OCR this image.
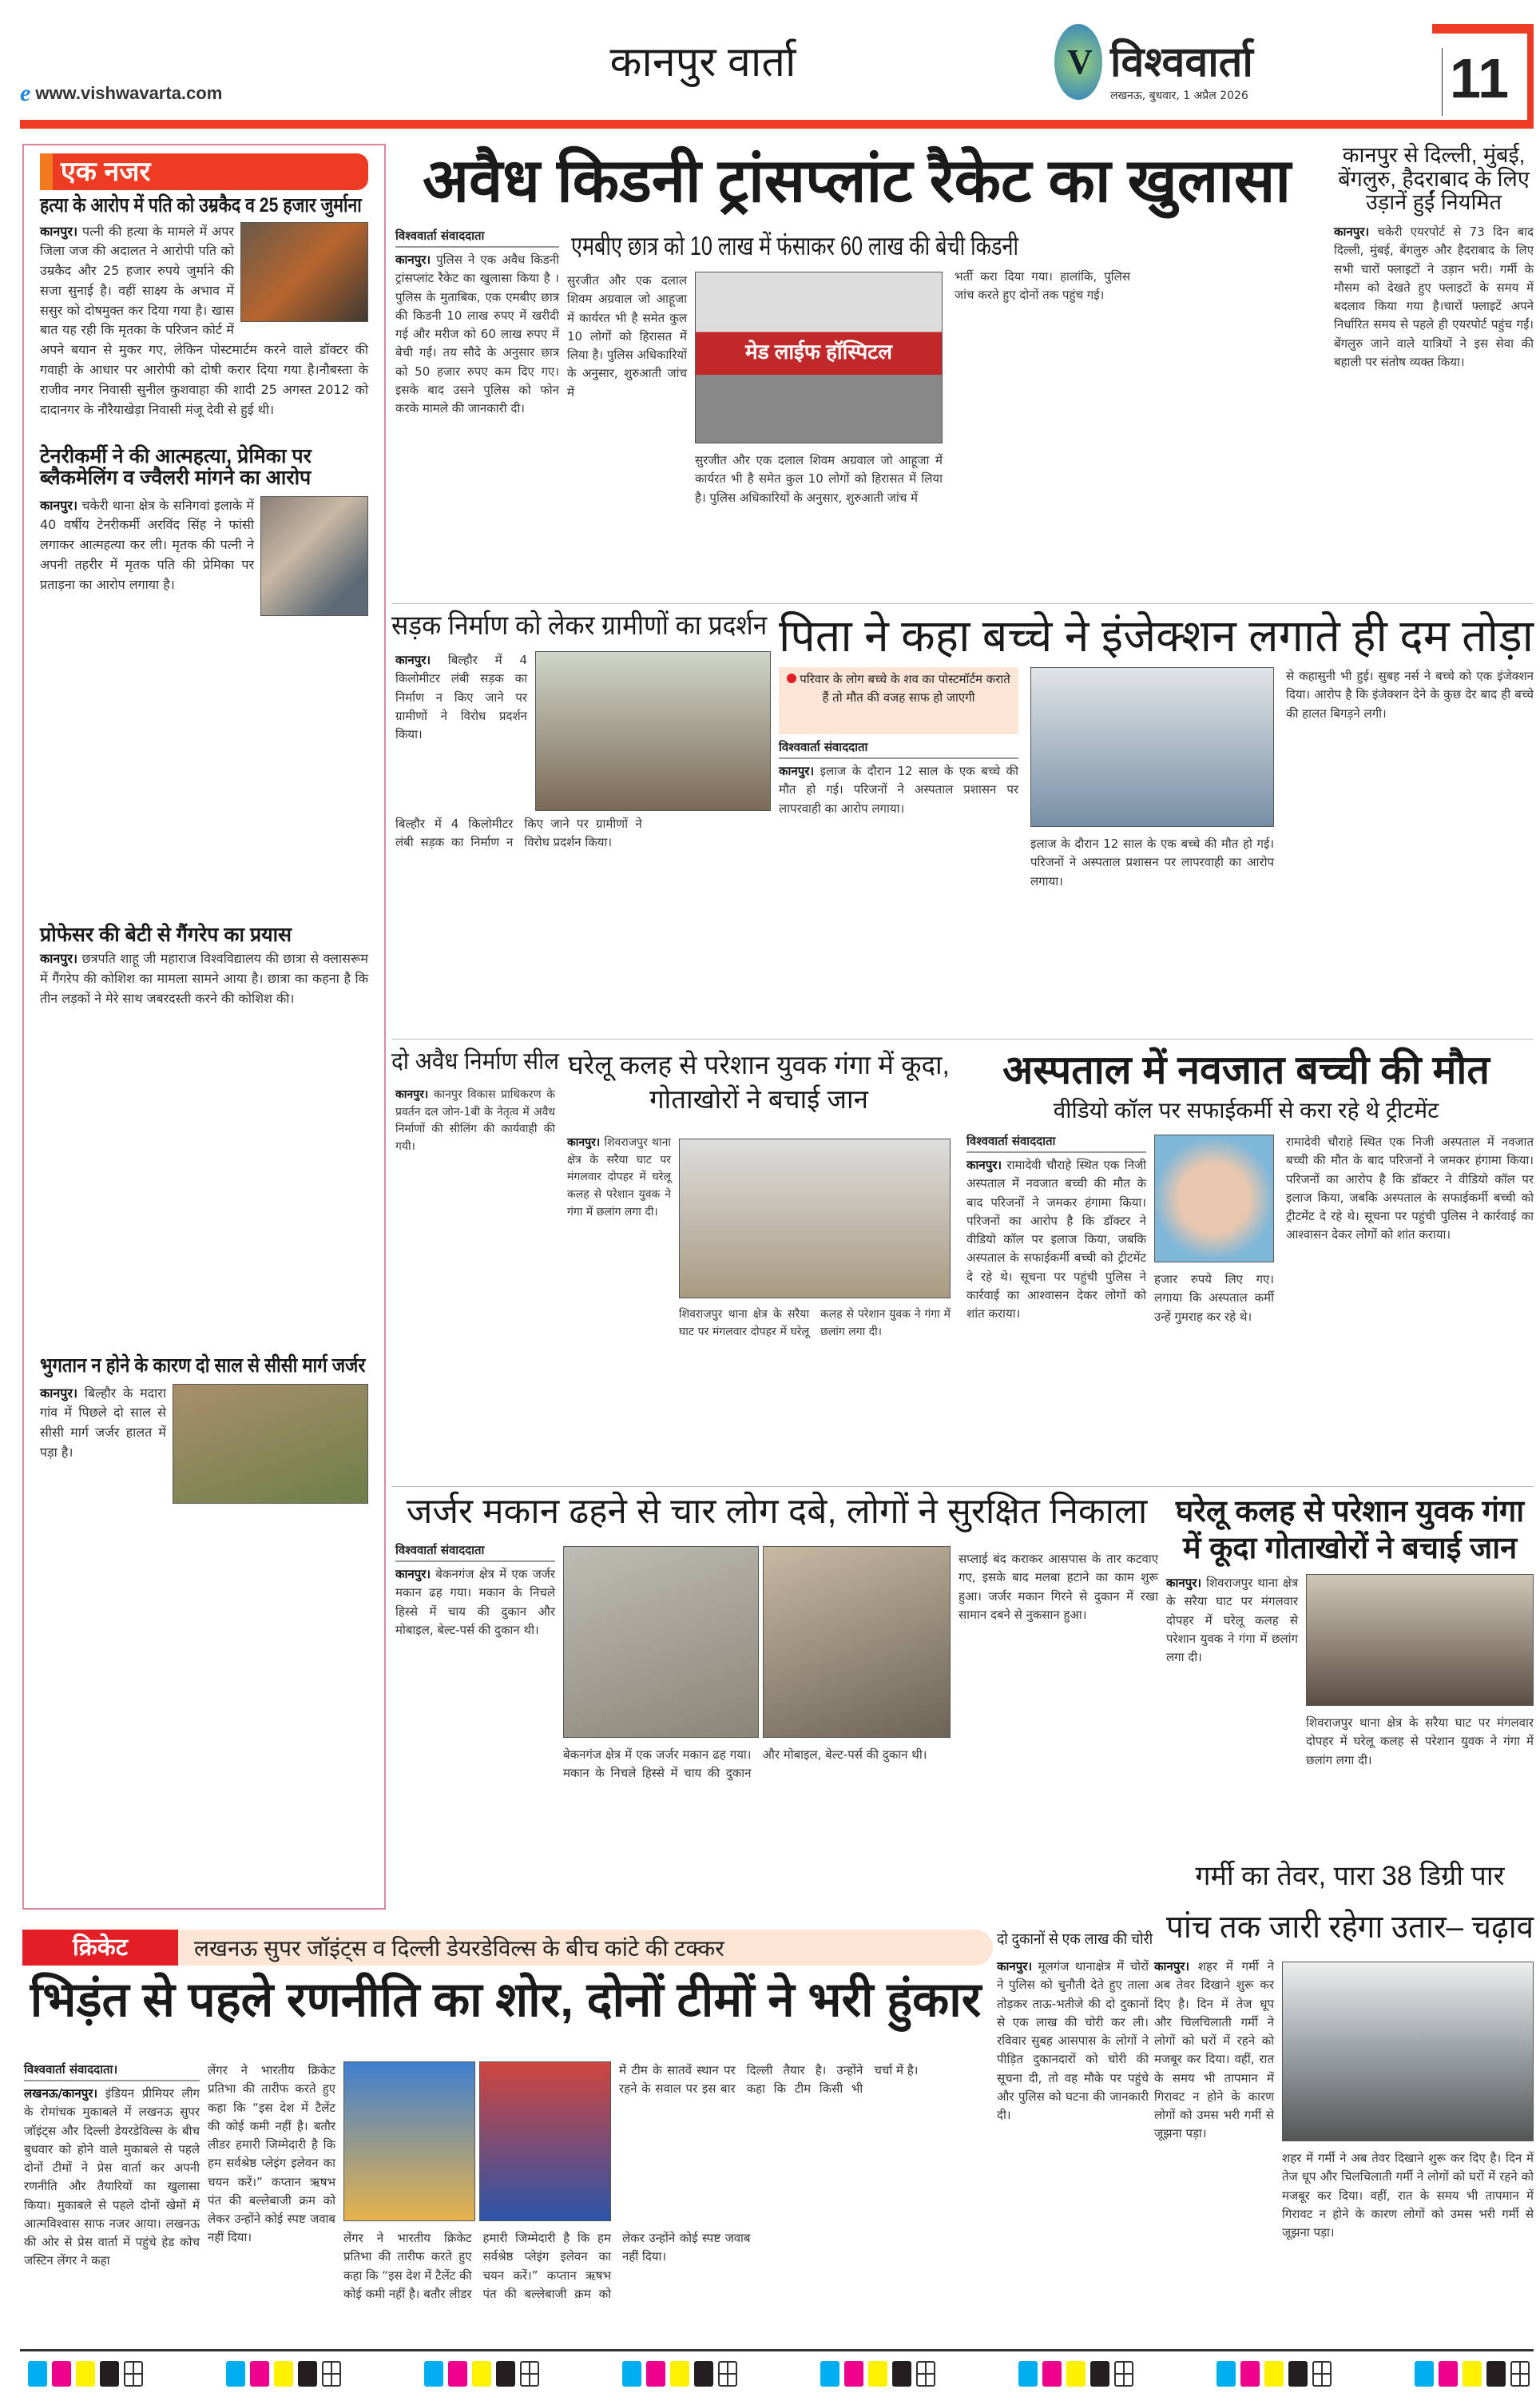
e www.vishwavarta.com
कानपुर वार्ता	V विश्ववार्ता
लखनऊ, बुधवार, 1 अप्रैल 2026	11
एक नजर
हत्या के आरोप में पति को उम्रकैद व 25 हजार जुर्माना
कानपुर। पत्नी की हत्या के मामले में अपर जिला जज की अदालत ने आरोपी पति को उम्रकैद और 25 हजार रुपये जुर्माने की सजा सुनाई है। वहीं साक्ष्य के अभाव में ससुर को दोषमुक्त कर दिया गया है। खास बात यह रही कि मृतका के परिजन कोर्ट में अपने बयान से मुकर गए, लेकिन पोस्टमार्टम करने वाले डॉक्टर की गवाही के आधार पर आरोपी को दोषी करार दिया गया है।नौबस्ता के राजीव नगर निवासी सुनील कुशवाहा की शादी 25 अगस्त 2012 को दादानगर के नौरैयाखेड़ा निवासी मंजू देवी से हुई थी।
टेनरीकर्मी ने की आत्महत्या, प्रेमिका पर ब्लैकमेलिंग व ज्वैलरी मांगने का आरोप
कानपुर। चकेरी थाना क्षेत्र के सनिगवां इलाके में 40 वर्षीय टेनरीकर्मी अरविंद सिंह ने फांसी लगाकर आत्महत्या कर ली। मृतक की पत्नी ने अपनी तहरीर में मृतक पति की प्रेमिका पर प्रताड़ना का आरोप लगाया है।
प्रोफेसर की बेटी से गैंगरेप का प्रयास
कानपुर। छत्रपति शाहू जी महाराज विश्वविद्यालय की छात्रा से क्लासरूम में गैंगरेप की कोशिश का मामला सामने आया है। छात्रा का कहना है कि तीन लड़कों ने मेरे साथ जबरदस्ती करने की कोशिश की।
भुगतान न होने के कारण दो साल से सीसी मार्ग जर्जर
कानपुर। बिल्हौर के मदारा गांव में पिछले दो साल से सीसी मार्ग जर्जर हालत में पड़ा है।
अवैध किडनी ट्रांसप्लांट रैकेट का खुलासा
विश्ववार्ता संवाददाता
कानपुर। पुलिस ने एक अवैध किडनी ट्रांसप्लांट रैकेट का खुलासा किया है । पुलिस के मुताबिक, एक एमबीए छात्र की किडनी 10 लाख रुपए में खरीदी गई और मरीज को 60 लाख रुपए में बेची गई। तय सौदे के अनुसार छात्र को 50 हजार रुपए कम दिए गए। इसके बाद उसने पुलिस को फोन करके मामले की जानकारी दी।
एमबीए छात्र को 10 लाख में फंसाकर 60 लाख की बेची किडनी
सुरजीत और एक दलाल शिवम अग्रवाल जो आहूजा में कार्यरत भी है समेत कुल 10 लोगों को हिरासत में लिया है। पुलिस अधिकारियों के अनुसार, शुरुआती जांच में
मेड लाईफ हॉस्पिटल
भर्ती करा दिया गया। हालांकि, पुलिस जांच करते हुए दोनों तक पहुंच गई।
सुरजीत और एक दलाल शिवम अग्रवाल जो आहूजा में कार्यरत भी है समेत कुल 10 लोगों को हिरासत में लिया है। पुलिस अधिकारियों के अनुसार, शुरुआती जांच में
कानपुर से दिल्ली, मुंबई, बेंगलुरु, हैदराबाद के लिए उड़ानें हुईं नियमित
कानपुर। चकेरी एयरपोर्ट से 73 दिन बाद दिल्ली, मुंबई, बेंगलुरु और हैदराबाद के लिए सभी चारों फ्लाइटों ने उड़ान भरी। गर्मी के मौसम को देखते हुए फ्लाइटों के समय में बदलाव किया गया है।चारों फ्लाइटें अपने निर्धारित समय से पहले ही एयरपोर्ट पहुंच गईं। बेंगलुरु जाने वाले यात्रियों ने इस सेवा की बहाली पर संतोष व्यक्त किया।
सड़क निर्माण को लेकर ग्रामीणों का प्रदर्शन
कानपुर। बिल्हौर में 4 किलोमीटर लंबी सड़क का निर्माण न किए जाने पर ग्रामीणों ने विरोध प्रदर्शन किया।
बिल्हौर में 4 किलोमीटर लंबी सड़क का निर्माण न किए जाने पर ग्रामीणों ने विरोध प्रदर्शन किया।
पिता ने कहा बच्चे ने इंजेक्शन लगाते ही दम तोड़ा
परिवार के लोग बच्चे के शव का पोस्टमॉर्टम कराते हैं तो मौत की वजह साफ हो जाएगी
विश्ववार्ता संवाददाता
कानपुर। इलाज के दौरान 12 साल के एक बच्चे की मौत हो गई। परिजनों ने अस्पताल प्रशासन पर लापरवाही का आरोप लगाया।
से कहासुनी भी हुई। सुबह नर्स ने बच्चे को एक इंजेक्शन दिया। आरोप है कि इंजेक्शन देने के कुछ देर बाद ही बच्चे की हालत बिगड़ने लगी।
इलाज के दौरान 12 साल के एक बच्चे की मौत हो गई। परिजनों ने अस्पताल प्रशासन पर लापरवाही का आरोप लगाया।
दो अवैध निर्माण सील
कानपुर। कानपुर विकास प्राधिकरण के प्रवर्तन दल जोन-1बी के नेतृत्व में अवैध निर्माणों की सीलिंग की कार्यवाही की गयी।
घरेलू कलह से परेशान युवक गंगा में कूदा, गोताखोरों ने बचाई जान
कानपुर। शिवराजपुर थाना क्षेत्र के सरैया घाट पर मंगलवार दोपहर में घरेलू कलह से परेशान युवक ने गंगा में छलांग लगा दी।
शिवराजपुर थाना क्षेत्र के सरैया घाट पर मंगलवार दोपहर में घरेलू कलह से परेशान युवक ने गंगा में छलांग लगा दी।
अस्पताल में नवजात बच्ची की मौत
वीडियो कॉल पर सफाईकर्मी से करा रहे थे ट्रीटमेंट
विश्ववार्ता संवाददाता
कानपुर। रामादेवी चौराहे स्थित एक निजी अस्पताल में नवजात बच्ची की मौत के बाद परिजनों ने जमकर हंगामा किया। परिजनों का आरोप है कि डॉक्टर ने वीडियो कॉल पर इलाज किया, जबकि अस्पताल के सफाईकर्मी बच्ची को ट्रीटमेंट दे रहे थे। सूचना पर पहुंची पुलिस ने कार्रवाई का आश्वासन देकर लोगों को शांत कराया।
हजार रुपये लिए गए। लगाया कि अस्पताल कर्मी उन्हें गुमराह कर रहे थे।
रामादेवी चौराहे स्थित एक निजी अस्पताल में नवजात बच्ची की मौत के बाद परिजनों ने जमकर हंगामा किया। परिजनों का आरोप है कि डॉक्टर ने वीडियो कॉल पर इलाज किया, जबकि अस्पताल के सफाईकर्मी बच्ची को ट्रीटमेंट दे रहे थे। सूचना पर पहुंची पुलिस ने कार्रवाई का आश्वासन देकर लोगों को शांत कराया।
जर्जर मकान ढहने से चार लोग दबे, लोगों ने सुरक्षित निकाला
विश्ववार्ता संवाददाता
कानपुर। बेकनगंज क्षेत्र में एक जर्जर मकान ढह गया। मकान के निचले हिस्से में चाय की दुकान और मोबाइल, बेल्ट-पर्स की दुकान थी।
बेकनगंज क्षेत्र में एक जर्जर मकान ढह गया। मकान के निचले हिस्से में चाय की दुकान और मोबाइल, बेल्ट-पर्स की दुकान थी।
सप्लाई बंद कराकर आसपास के तार कटवाए गए, इसके बाद मलबा हटाने का काम शुरू हुआ। जर्जर मकान गिरने से दुकान में रखा सामान दबने से नुकसान हुआ।
घरेलू कलह से परेशान युवक गंगा में कूदा गोताखोरों ने बचाई जान
कानपुर। शिवराजपुर थाना क्षेत्र के सरैया घाट पर मंगलवार दोपहर में घरेलू कलह से परेशान युवक ने गंगा में छलांग लगा दी।
शिवराजपुर थाना क्षेत्र के सरैया घाट पर मंगलवार दोपहर में घरेलू कलह से परेशान युवक ने गंगा में छलांग लगा दी।
गर्मी का तेवर, पारा 38 डिग्री पार
पांच तक जारी रहेगा उतार– चढ़ाव
कानपुर। शहर में गर्मी ने अब तेवर दिखाने शुरू कर दिए है। दिन में तेज धूप और चिलचिलाती गर्मी ने लोगों को घरों में रहने को मजबूर कर दिया। वहीं, रात के समय भी तापमान में गिरावट न होने के कारण लोगों को उमस भरी गर्मी से जूझना पड़ा।
शहर में गर्मी ने अब तेवर दिखाने शुरू कर दिए है। दिन में तेज धूप और चिलचिलाती गर्मी ने लोगों को घरों में रहने को मजबूर कर दिया। वहीं, रात के समय भी तापमान में गिरावट न होने के कारण लोगों को उमस भरी गर्मी से जूझना पड़ा।
क्रिकेट	लखनऊ सुपर जॉइंट्स व दिल्ली डेयरडेविल्स के बीच कांटे की टक्कर
भिड़ंत से पहले रणनीति का शोर, दोनों टीमों ने भरी हुंकार
विश्ववार्ता संवाददाता।
लखनऊ/कानपुर। इंडियन प्रीमियर लीग के रोमांचक मुकाबले में लखनऊ सुपर जॉइंट्स और दिल्ली डेयरडेविल्स के बीच बुधवार को होने वाले मुकाबले से पहले दोनों टीमों ने प्रेस वार्ता कर अपनी रणनीति और तैयारियों का खुलासा किया। मुकाबले से पहले दोनों खेमों में आत्मविश्वास साफ नजर आया। लखनऊ की ओर से प्रेस वार्ता में पहुंचे हेड कोच जस्टिन लेंगर ने कहा
लेंगर ने भारतीय क्रिकेट प्रतिभा की तारीफ करते हुए कहा कि “इस देश में टैलेंट की कोई कमी नहीं है। बतौर लीडर हमारी जिम्मेदारी है कि हम सर्वश्रेष्ठ प्लेइंग इलेवन का चयन करें।” कप्तान ऋषभ पंत की बल्लेबाजी क्रम को लेकर उन्होंने कोई स्पष्ट जवाब नहीं दिया।	लेंगर ने भारतीय क्रिकेट प्रतिभा की तारीफ करते हुए कहा कि “इस देश में टैलेंट की कोई कमी नहीं है। बतौर लीडर हमारी जिम्मेदारी है कि हम सर्वश्रेष्ठ प्लेइंग इलेवन का चयन करें।” कप्तान ऋषभ पंत की बल्लेबाजी क्रम को लेकर उन्होंने कोई स्पष्ट जवाब नहीं दिया।
में टीम के सातवें स्थान पर रहने के सवाल पर इस बार दिल्ली तैयार है। उन्होंने कहा कि टीम किसी भी चर्चा में है।
दो दुकानों से एक लाख की चोरी
कानपुर। मूलगंज थानाक्षेत्र में चोरों ने पुलिस को चुनौती देते हुए ताला तोड़कर ताऊ-भतीजे की दो दुकानों से एक लाख की चोरी कर ली। रविवार सुबह आसपास के लोगों ने पीड़ित दुकानदारों को चोरी की सूचना दी, तो वह मौके पर पहुंचे और पुलिस को घटना की जानकारी दी।
